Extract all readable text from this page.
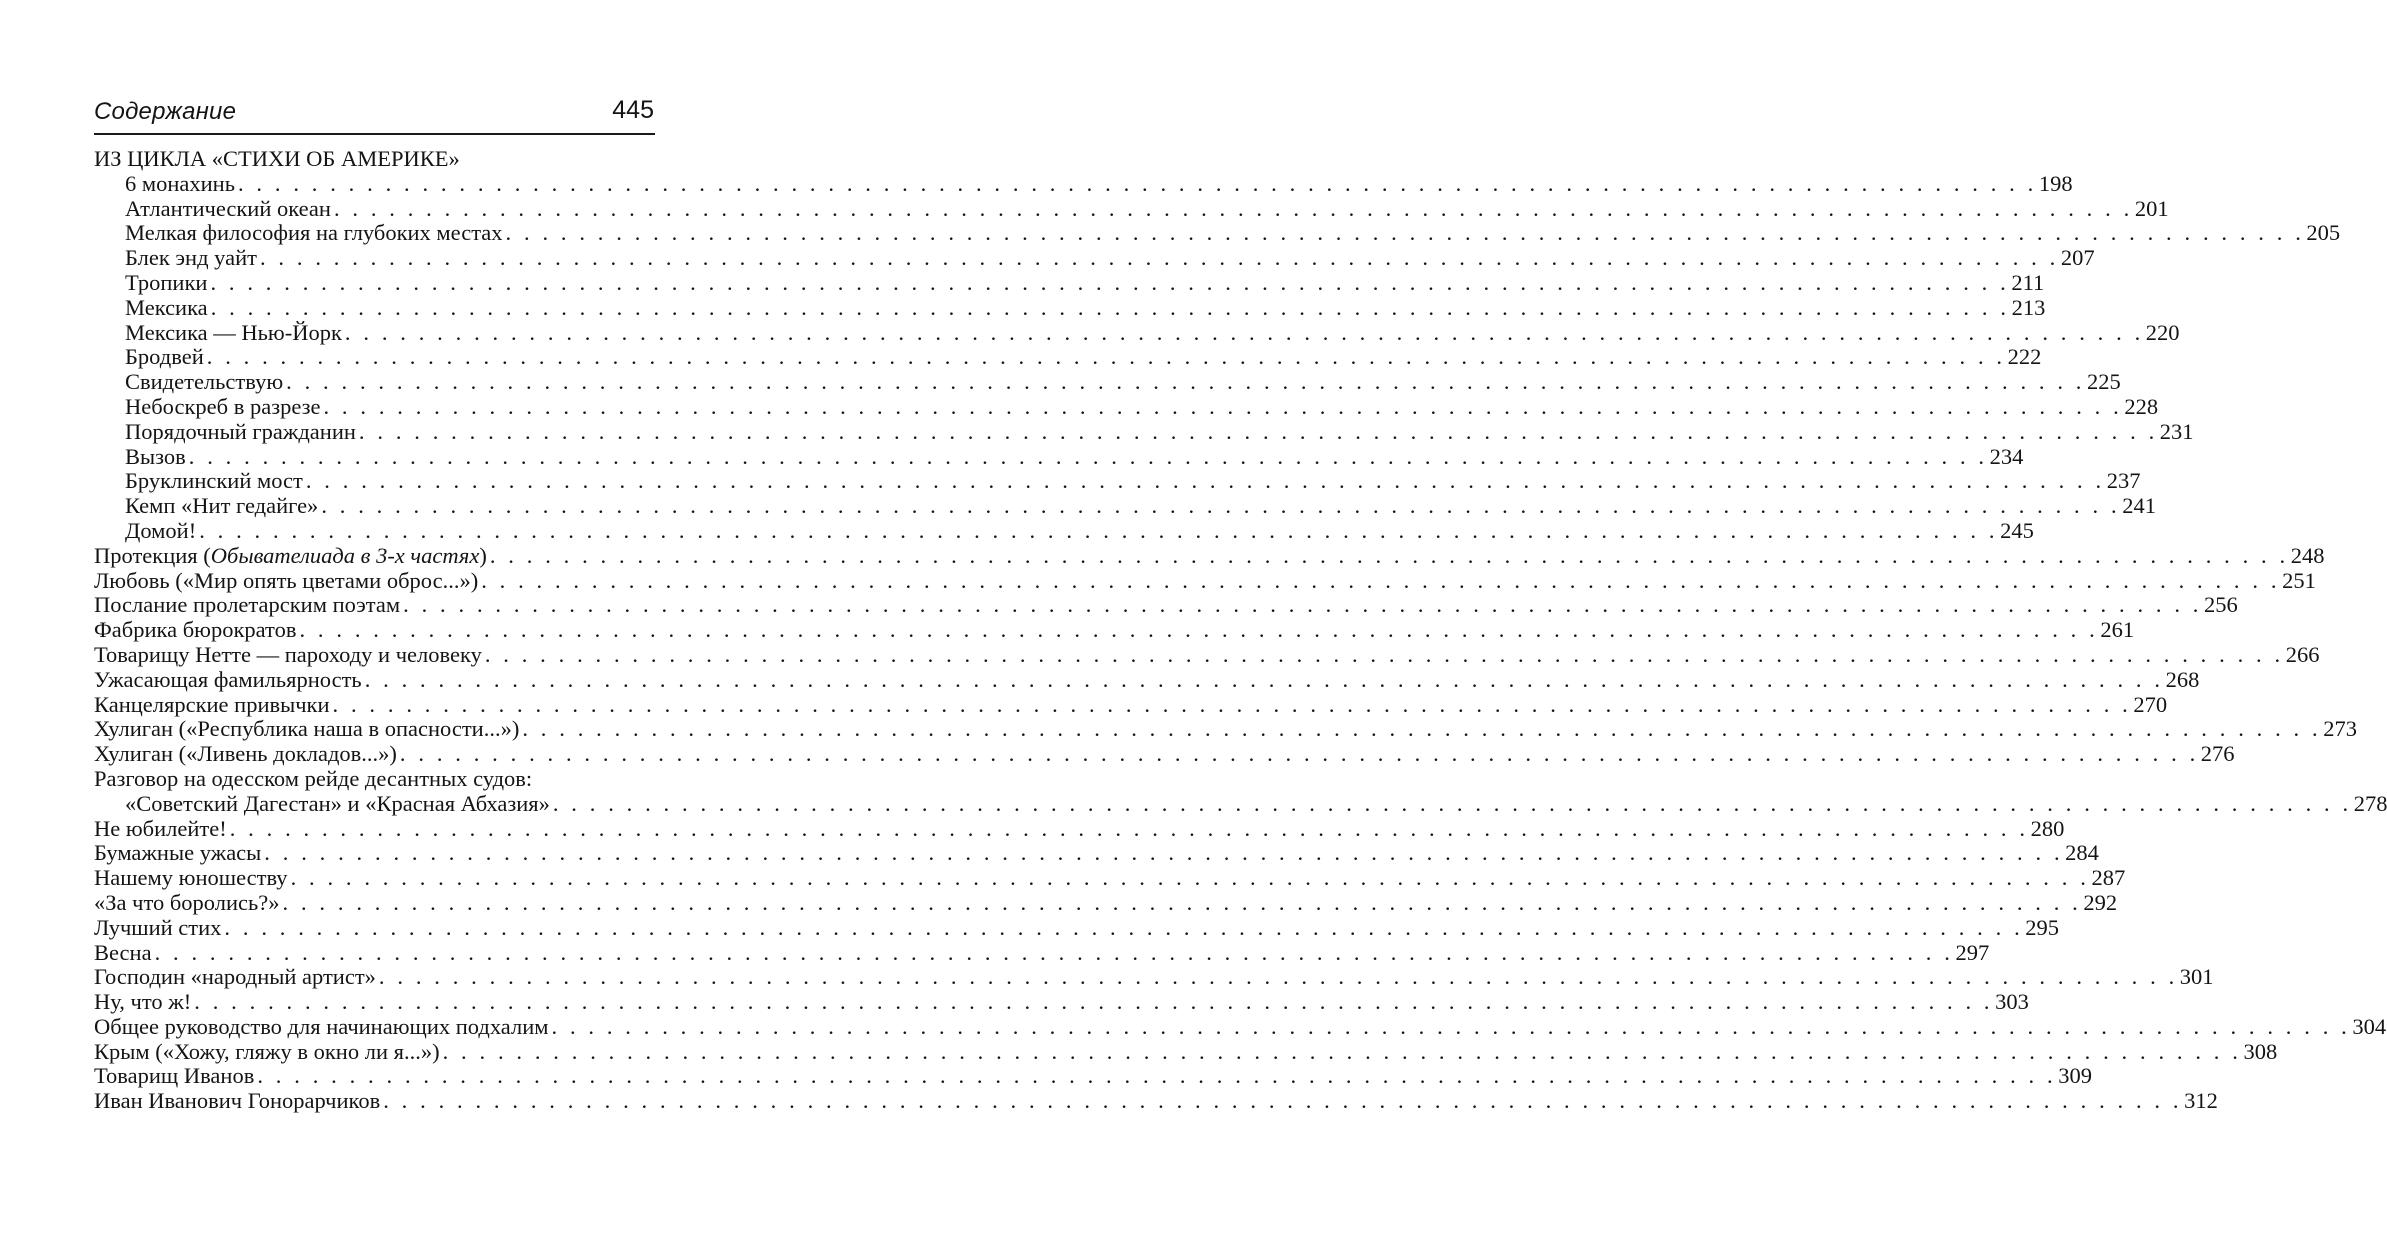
Содержание	445
ИЗ ЦИКЛА «СТИХИ ОБ АМЕРИКЕ»
6 монахинь . . . . . . . . . . . . . . . . . . . . . . . . . . . . . . . . . . . . . . . . . . . . . . . . . . . . . . . . . . . . . . . . . . . . . . . . . . . . . . . . . . . . . . . . . . . . . . . . . . 198
Атлантический океан . . . . . . . . . . . . . . . . . . . . . . . . . . . . . . . . . . . . . . . . . . . . . . . . . . . . . . . . . . . . . . . . . . . . . . . . . . . . . . . . . . . . . . . . . . . . . . . . . . 201
Мелкая философия на глубоких местах . . . . . . . . . . . . . . . . . . . . . . . . . . . . . . . . . . . . . . . . . . . . . . . . . . . . . . . . . . . . . . . . . . . . . . . . . . . . . . . . . . . . . . . . . . . . . . . . . . 205
Блек энд уайт . . . . . . . . . . . . . . . . . . . . . . . . . . . . . . . . . . . . . . . . . . . . . . . . . . . . . . . . . . . . . . . . . . . . . . . . . . . . . . . . . . . . . . . . . . . . . . . . . . 207
Тропики . . . . . . . . . . . . . . . . . . . . . . . . . . . . . . . . . . . . . . . . . . . . . . . . . . . . . . . . . . . . . . . . . . . . . . . . . . . . . . . . . . . . . . . . . . . . . . . . . . 211
Мексика . . . . . . . . . . . . . . . . . . . . . . . . . . . . . . . . . . . . . . . . . . . . . . . . . . . . . . . . . . . . . . . . . . . . . . . . . . . . . . . . . . . . . . . . . . . . . . . . . . 213
Мексика — Нью-Йорк . . . . . . . . . . . . . . . . . . . . . . . . . . . . . . . . . . . . . . . . . . . . . . . . . . . . . . . . . . . . . . . . . . . . . . . . . . . . . . . . . . . . . . . . . . . . . . . . . . 220
Бродвей . . . . . . . . . . . . . . . . . . . . . . . . . . . . . . . . . . . . . . . . . . . . . . . . . . . . . . . . . . . . . . . . . . . . . . . . . . . . . . . . . . . . . . . . . . . . . . . . . . 222
Свидетельствую . . . . . . . . . . . . . . . . . . . . . . . . . . . . . . . . . . . . . . . . . . . . . . . . . . . . . . . . . . . . . . . . . . . . . . . . . . . . . . . . . . . . . . . . . . . . . . . . . . 225
Небоскреб в разрезе . . . . . . . . . . . . . . . . . . . . . . . . . . . . . . . . . . . . . . . . . . . . . . . . . . . . . . . . . . . . . . . . . . . . . . . . . . . . . . . . . . . . . . . . . . . . . . . . . . 228
Порядочный гражданин . . . . . . . . . . . . . . . . . . . . . . . . . . . . . . . . . . . . . . . . . . . . . . . . . . . . . . . . . . . . . . . . . . . . . . . . . . . . . . . . . . . . . . . . . . . . . . . . . . 231
Вызов . . . . . . . . . . . . . . . . . . . . . . . . . . . . . . . . . . . . . . . . . . . . . . . . . . . . . . . . . . . . . . . . . . . . . . . . . . . . . . . . . . . . . . . . . . . . . . . . . . 234
Бруклинский мост . . . . . . . . . . . . . . . . . . . . . . . . . . . . . . . . . . . . . . . . . . . . . . . . . . . . . . . . . . . . . . . . . . . . . . . . . . . . . . . . . . . . . . . . . . . . . . . . . . 237
Кемп «Нит гедайге» . . . . . . . . . . . . . . . . . . . . . . . . . . . . . . . . . . . . . . . . . . . . . . . . . . . . . . . . . . . . . . . . . . . . . . . . . . . . . . . . . . . . . . . . . . . . . . . . . . 241
Домой! . . . . . . . . . . . . . . . . . . . . . . . . . . . . . . . . . . . . . . . . . . . . . . . . . . . . . . . . . . . . . . . . . . . . . . . . . . . . . . . . . . . . . . . . . . . . . . . . . . 245
Протекция (Обывателиада в 3-х частях) . . . . . . . . . . . . . . . . . . . . . . . . . . . . . . . . . . . . . . . . . . . . . . . . . . . . . . . . . . . . . . . . . . . . . . . . . . . . . . . . . . . . . . . . . . . . . . . . . . 248
Любовь («Мир опять цветами оброс...») . . . . . . . . . . . . . . . . . . . . . . . . . . . . . . . . . . . . . . . . . . . . . . . . . . . . . . . . . . . . . . . . . . . . . . . . . . . . . . . . . . . . . . . . . . . . . . . . . . 251
Послание пролетарским поэтам . . . . . . . . . . . . . . . . . . . . . . . . . . . . . . . . . . . . . . . . . . . . . . . . . . . . . . . . . . . . . . . . . . . . . . . . . . . . . . . . . . . . . . . . . . . . . . . . . . 256
Фабрика бюрократов . . . . . . . . . . . . . . . . . . . . . . . . . . . . . . . . . . . . . . . . . . . . . . . . . . . . . . . . . . . . . . . . . . . . . . . . . . . . . . . . . . . . . . . . . . . . . . . . . . 261
Товарищу Нетте — пароходу и человеку . . . . . . . . . . . . . . . . . . . . . . . . . . . . . . . . . . . . . . . . . . . . . . . . . . . . . . . . . . . . . . . . . . . . . . . . . . . . . . . . . . . . . . . . . . . . . . . . . . 266
Ужасающая фамильярность . . . . . . . . . . . . . . . . . . . . . . . . . . . . . . . . . . . . . . . . . . . . . . . . . . . . . . . . . . . . . . . . . . . . . . . . . . . . . . . . . . . . . . . . . . . . . . . . . . 268
Канцелярские привычки . . . . . . . . . . . . . . . . . . . . . . . . . . . . . . . . . . . . . . . . . . . . . . . . . . . . . . . . . . . . . . . . . . . . . . . . . . . . . . . . . . . . . . . . . . . . . . . . . . 270
Хулиган («Республика наша в опасности...») . . . . . . . . . . . . . . . . . . . . . . . . . . . . . . . . . . . . . . . . . . . . . . . . . . . . . . . . . . . . . . . . . . . . . . . . . . . . . . . . . . . . . . . . . . . . . . . . . . 273
Хулиган («Ливень докладов...») . . . . . . . . . . . . . . . . . . . . . . . . . . . . . . . . . . . . . . . . . . . . . . . . . . . . . . . . . . . . . . . . . . . . . . . . . . . . . . . . . . . . . . . . . . . . . . . . . . 276
Разговор на одесском рейде десантных судов:
«Советский Дагестан» и «Красная Абхазия» . . . . . . . . . . . . . . . . . . . . . . . . . . . . . . . . . . . . . . . . . . . . . . . . . . . . . . . . . . . . . . . . . . . . . . . . . . . . . . . . . . . . . . . . . . . . . . . . . . 278
Не юбилейте! . . . . . . . . . . . . . . . . . . . . . . . . . . . . . . . . . . . . . . . . . . . . . . . . . . . . . . . . . . . . . . . . . . . . . . . . . . . . . . . . . . . . . . . . . . . . . . . . . . 280
Бумажные ужасы . . . . . . . . . . . . . . . . . . . . . . . . . . . . . . . . . . . . . . . . . . . . . . . . . . . . . . . . . . . . . . . . . . . . . . . . . . . . . . . . . . . . . . . . . . . . . . . . . . 284
Нашему юношеству . . . . . . . . . . . . . . . . . . . . . . . . . . . . . . . . . . . . . . . . . . . . . . . . . . . . . . . . . . . . . . . . . . . . . . . . . . . . . . . . . . . . . . . . . . . . . . . . . . 287
«За что боролись?» . . . . . . . . . . . . . . . . . . . . . . . . . . . . . . . . . . . . . . . . . . . . . . . . . . . . . . . . . . . . . . . . . . . . . . . . . . . . . . . . . . . . . . . . . . . . . . . . . . 292
Лучший стих . . . . . . . . . . . . . . . . . . . . . . . . . . . . . . . . . . . . . . . . . . . . . . . . . . . . . . . . . . . . . . . . . . . . . . . . . . . . . . . . . . . . . . . . . . . . . . . . . . 295
Весна . . . . . . . . . . . . . . . . . . . . . . . . . . . . . . . . . . . . . . . . . . . . . . . . . . . . . . . . . . . . . . . . . . . . . . . . . . . . . . . . . . . . . . . . . . . . . . . . . . 297
Господин «народный артист» . . . . . . . . . . . . . . . . . . . . . . . . . . . . . . . . . . . . . . . . . . . . . . . . . . . . . . . . . . . . . . . . . . . . . . . . . . . . . . . . . . . . . . . . . . . . . . . . . . 301
Ну, что ж! . . . . . . . . . . . . . . . . . . . . . . . . . . . . . . . . . . . . . . . . . . . . . . . . . . . . . . . . . . . . . . . . . . . . . . . . . . . . . . . . . . . . . . . . . . . . . . . . . . 303
Общее руководство для начинающих подхалим . . . . . . . . . . . . . . . . . . . . . . . . . . . . . . . . . . . . . . . . . . . . . . . . . . . . . . . . . . . . . . . . . . . . . . . . . . . . . . . . . . . . . . . . . . . . . . . . . . 304
Крым («Хожу, гляжу в окно ли я...») . . . . . . . . . . . . . . . . . . . . . . . . . . . . . . . . . . . . . . . . . . . . . . . . . . . . . . . . . . . . . . . . . . . . . . . . . . . . . . . . . . . . . . . . . . . . . . . . . . 308
Товарищ Иванов . . . . . . . . . . . . . . . . . . . . . . . . . . . . . . . . . . . . . . . . . . . . . . . . . . . . . . . . . . . . . . . . . . . . . . . . . . . . . . . . . . . . . . . . . . . . . . . . . . 309
Иван Иванович Гонорарчиков . . . . . . . . . . . . . . . . . . . . . . . . . . . . . . . . . . . . . . . . . . . . . . . . . . . . . . . . . . . . . . . . . . . . . . . . . . . . . . . . . . . . . . . . . . . . . . . . . . 312
